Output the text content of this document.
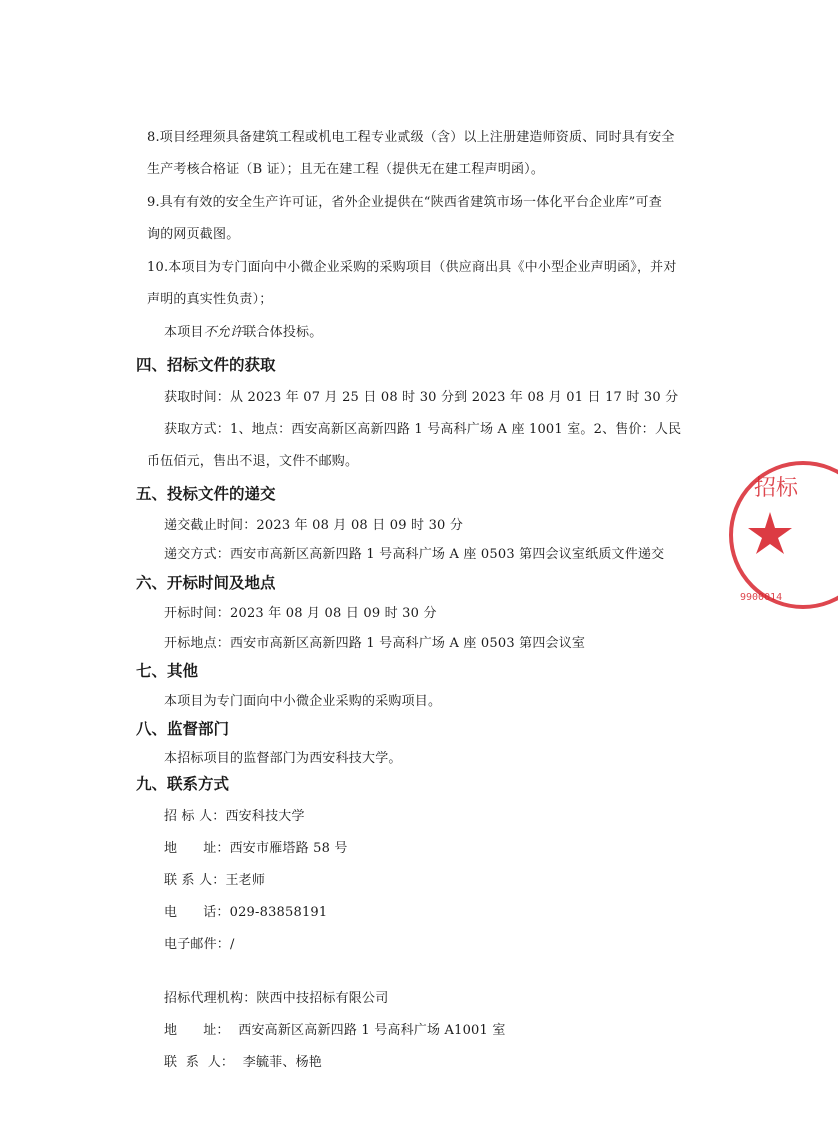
8.项目经理须具备建筑工程或机电工程专业贰级（含）以上注册建造师资质、同时具有安全
生产考核合格证（B 证）；且无在建工程（提供无在建工程声明函）。
9.具有有效的安全生产许可证，省外企业提供在“陕西省建筑市场一体化平台企业库”可查
询的网页截图。
10.本项目为专门面向中小微企业采购的采购项目（供应商出具《中小型企业声明函》，并对
声明的真实性负责）；
本项目不允许联合体投标。
四、招标文件的获取
获取时间：从 2023 年 07 月 25 日 08 时 30 分到 2023 年 08 月 01 日 17 时 30 分
获取方式：1、地点：西安高新区高新四路 1 号高科广场 A 座 1001 室。2、售价：人民
币伍佰元，售出不退，文件不邮购。
五、投标文件的递交
递交截止时间：2023 年 08 月 08 日 09 时 30 分
递交方式：西安市高新区高新四路 1 号高科广场 A 座 0503 第四会议室纸质文件递交
六、开标时间及地点
开标时间：2023 年 08 月 08 日 09 时 30 分
开标地点：西安市高新区高新四路 1 号高科广场 A 座 0503 第四会议室
七、其他
本项目为专门面向中小微企业采购的采购项目。
八、监督部门
本招标项目的监督部门为西安科技大学。
九、联系方式
招 标 人：西安科技大学
地      址：西安市雁塔路 58 号
联 系 人：王老师
电      话：029-83858191
电子邮件：/
招标代理机构：陕西中技招标有限公司
地      址：  西安高新区高新四路 1 号高科广场 A1001 室
联  系  人：  李毓菲、杨艳
招标
9900014
